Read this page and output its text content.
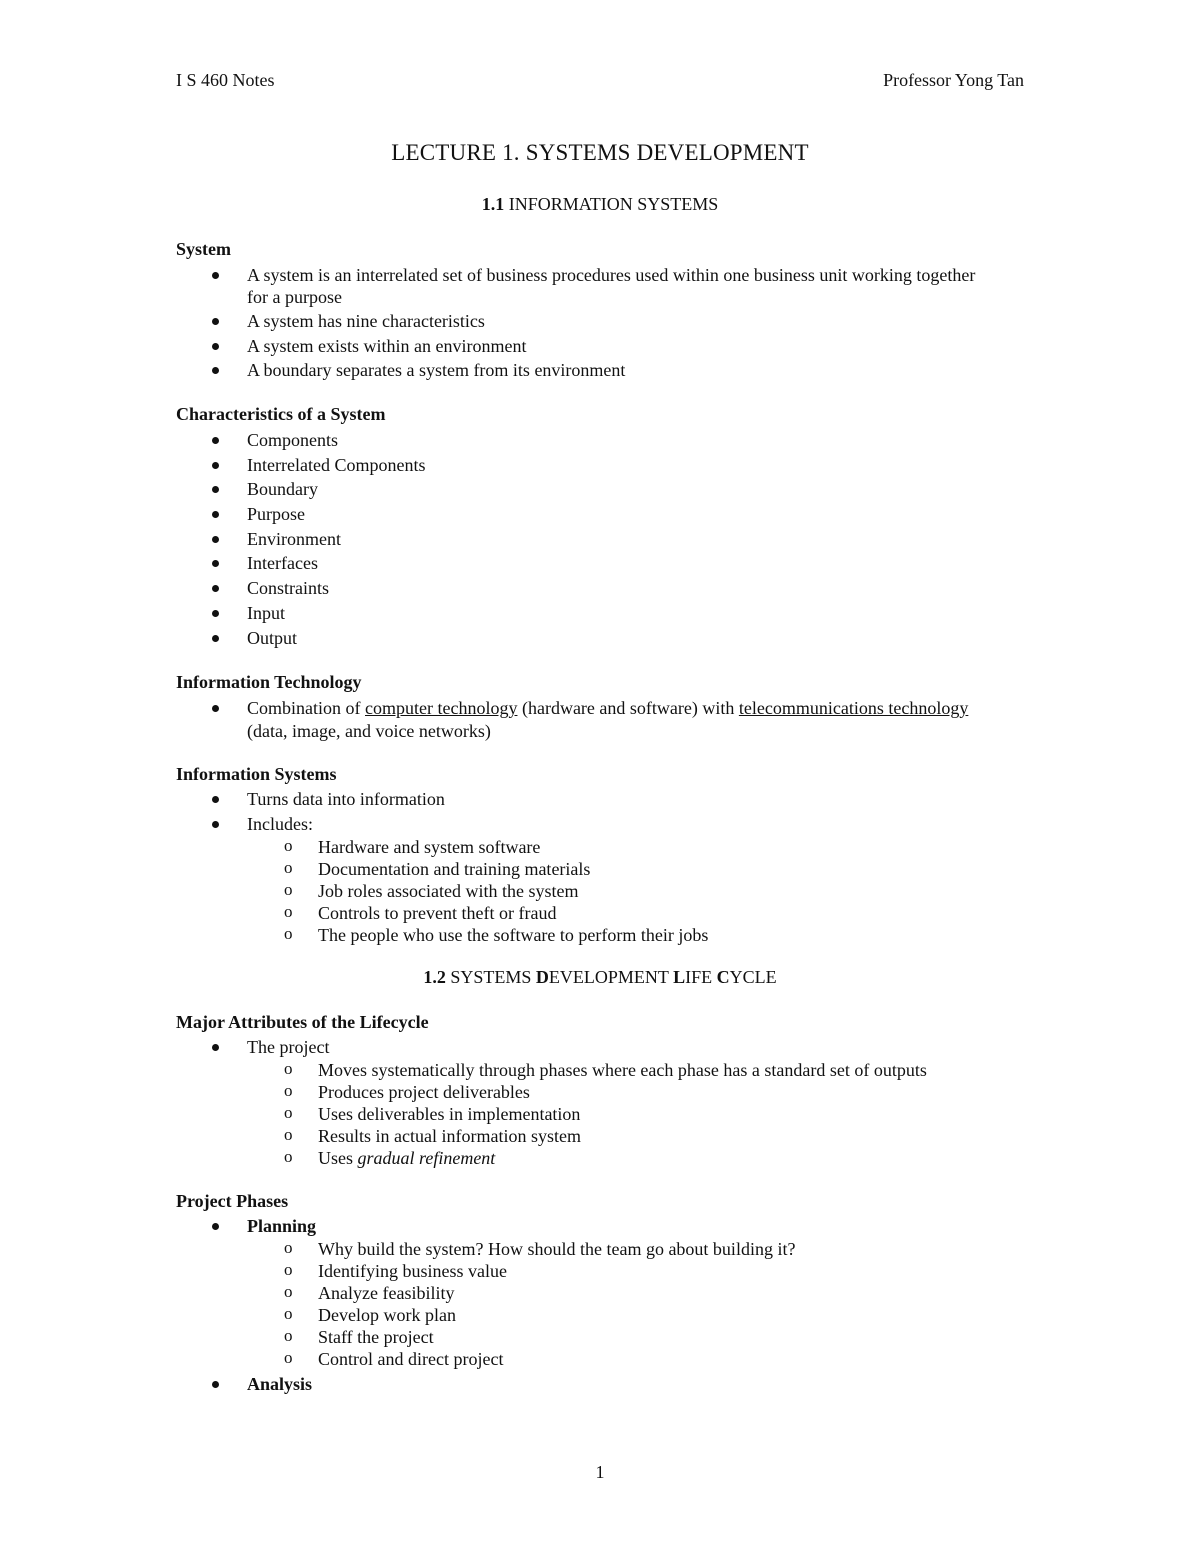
I S 460 Notes	Professor Yong Tan
LECTURE 1. SYSTEMS DEVELOPMENT
1.1 INFORMATION SYSTEMS
System
A system is an interrelated set of business procedures used within one business unit working together
for a purpose
A system has nine characteristics
A system exists within an environment
A boundary separates a system from its environment
Characteristics of a System
Components
Interrelated Components
Boundary
Purpose
Environment
Interfaces
Constraints
Input
Output
Information Technology
Combination of computer technology (hardware and software) with telecommunications technology
(data, image, and voice networks)
Information Systems
Turns data into information
Includes:
o Hardware and system software
o Documentation and training materials
o Job roles associated with the system
o Controls to prevent theft or fraud
o The people who use the software to perform their jobs
1.2 SYSTEMS DEVELOPMENT LIFE CYCLE
Major Attributes of the Lifecycle
The project
o Moves systematically through phases where each phase has a standard set of outputs
o Produces project deliverables
o Uses deliverables in implementation
o Results in actual information system
o Uses gradual refinement
Project Phases
Planning
o Why build the system? How should the team go about building it?
o Identifying business value
o Analyze feasibility
o Develop work plan
o Staff the project
o Control and direct project
Analysis
1
